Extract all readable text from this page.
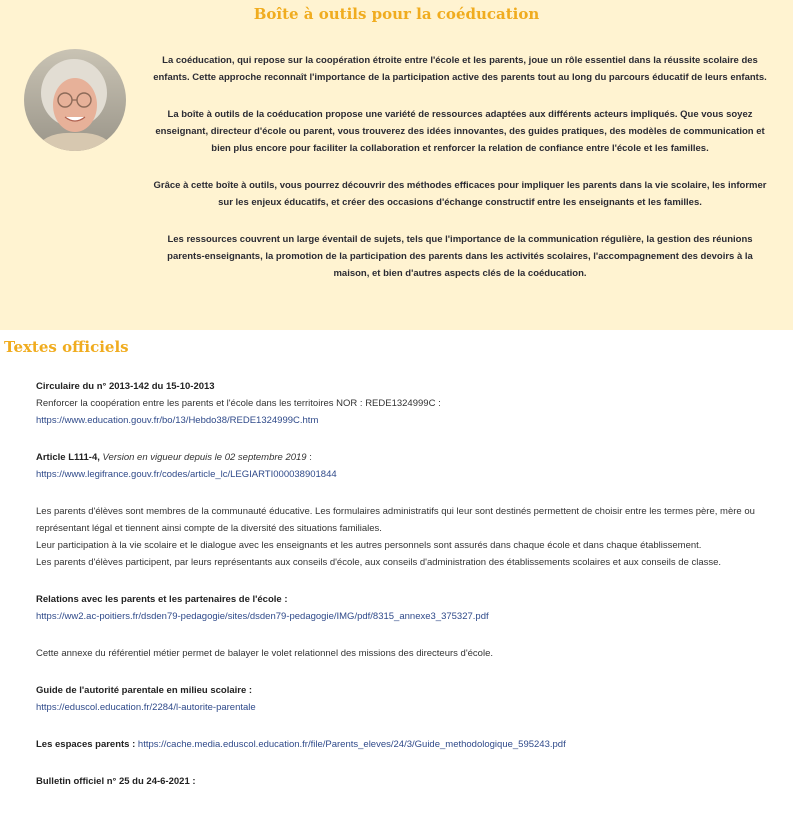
Boîte à outils pour la coéducation

La coéducation, qui repose sur la coopération étroite entre l'école et les parents, joue un rôle essentiel dans la réussite scolaire des enfants. Cette approche reconnaît l'importance de la participation active des parents tout au long du parcours éducatif de leurs enfants.

La boîte à outils de la coéducation propose une variété de ressources adaptées aux différents acteurs impliqués. Que vous soyez enseignant, directeur d'école ou parent, vous trouverez des idées innovantes, des guides pratiques, des modèles de communication et bien plus encore pour faciliter la collaboration et renforcer la relation de confiance entre l'école et les familles.

Grâce à cette boîte à outils, vous pourrez découvrir des méthodes efficaces pour impliquer les parents dans la vie scolaire, les informer sur les enjeux éducatifs, et créer des occasions d'échange constructif entre les enseignants et les familles.

Les ressources couvrent un large éventail de sujets, tels que l'importance de la communication régulière, la gestion des réunions parents-enseignants, la promotion de la participation des parents dans les activités scolaires, l'accompagnement des devoirs à la maison, et bien d'autres aspects clés de la coéducation.

Textes officiels
Circulaire du n° 2013-142 du 15-10-2013
Renforcer la coopération entre les parents et l'école dans les territoires NOR : REDE1324999C :
https://www.education.gouv.fr/bo/13/Hebdo38/REDE1324999C.htm
Article L111-4, Version en vigueur depuis le 02 septembre 2019 :
https://www.legifrance.gouv.fr/codes/article_lc/LEGIARTI000038901844
Les parents d'élèves sont membres de la communauté éducative. Les formulaires administratifs qui leur sont destinés permettent de choisir entre les termes père, mère ou représentant légal et tiennent ainsi compte de la diversité des situations familiales.
Leur participation à la vie scolaire et le dialogue avec les enseignants et les autres personnels sont assurés dans chaque école et dans chaque établissement.
Les parents d'élèves participent, par leurs représentants aux conseils d'école, aux conseils d'administration des établissements scolaires et aux conseils de classe.
Relations avec les parents et les partenaires de l'école :
https://ww2.ac-poitiers.fr/dsden79-pedagogie/sites/dsden79-pedagogie/IMG/pdf/8315_annexe3_375327.pdf
Cette annexe du référentiel métier permet de balayer le volet relationnel des missions des directeurs d'école.
Guide de l'autorité parentale en milieu scolaire :
https://eduscol.education.fr/2284/l-autorite-parentale
Les espaces parents : https://cache.media.eduscol.education.fr/file/Parents_eleves/24/3/Guide_methodologique_595243.pdf
Bulletin officiel n° 25 du 24-6-2021 :
